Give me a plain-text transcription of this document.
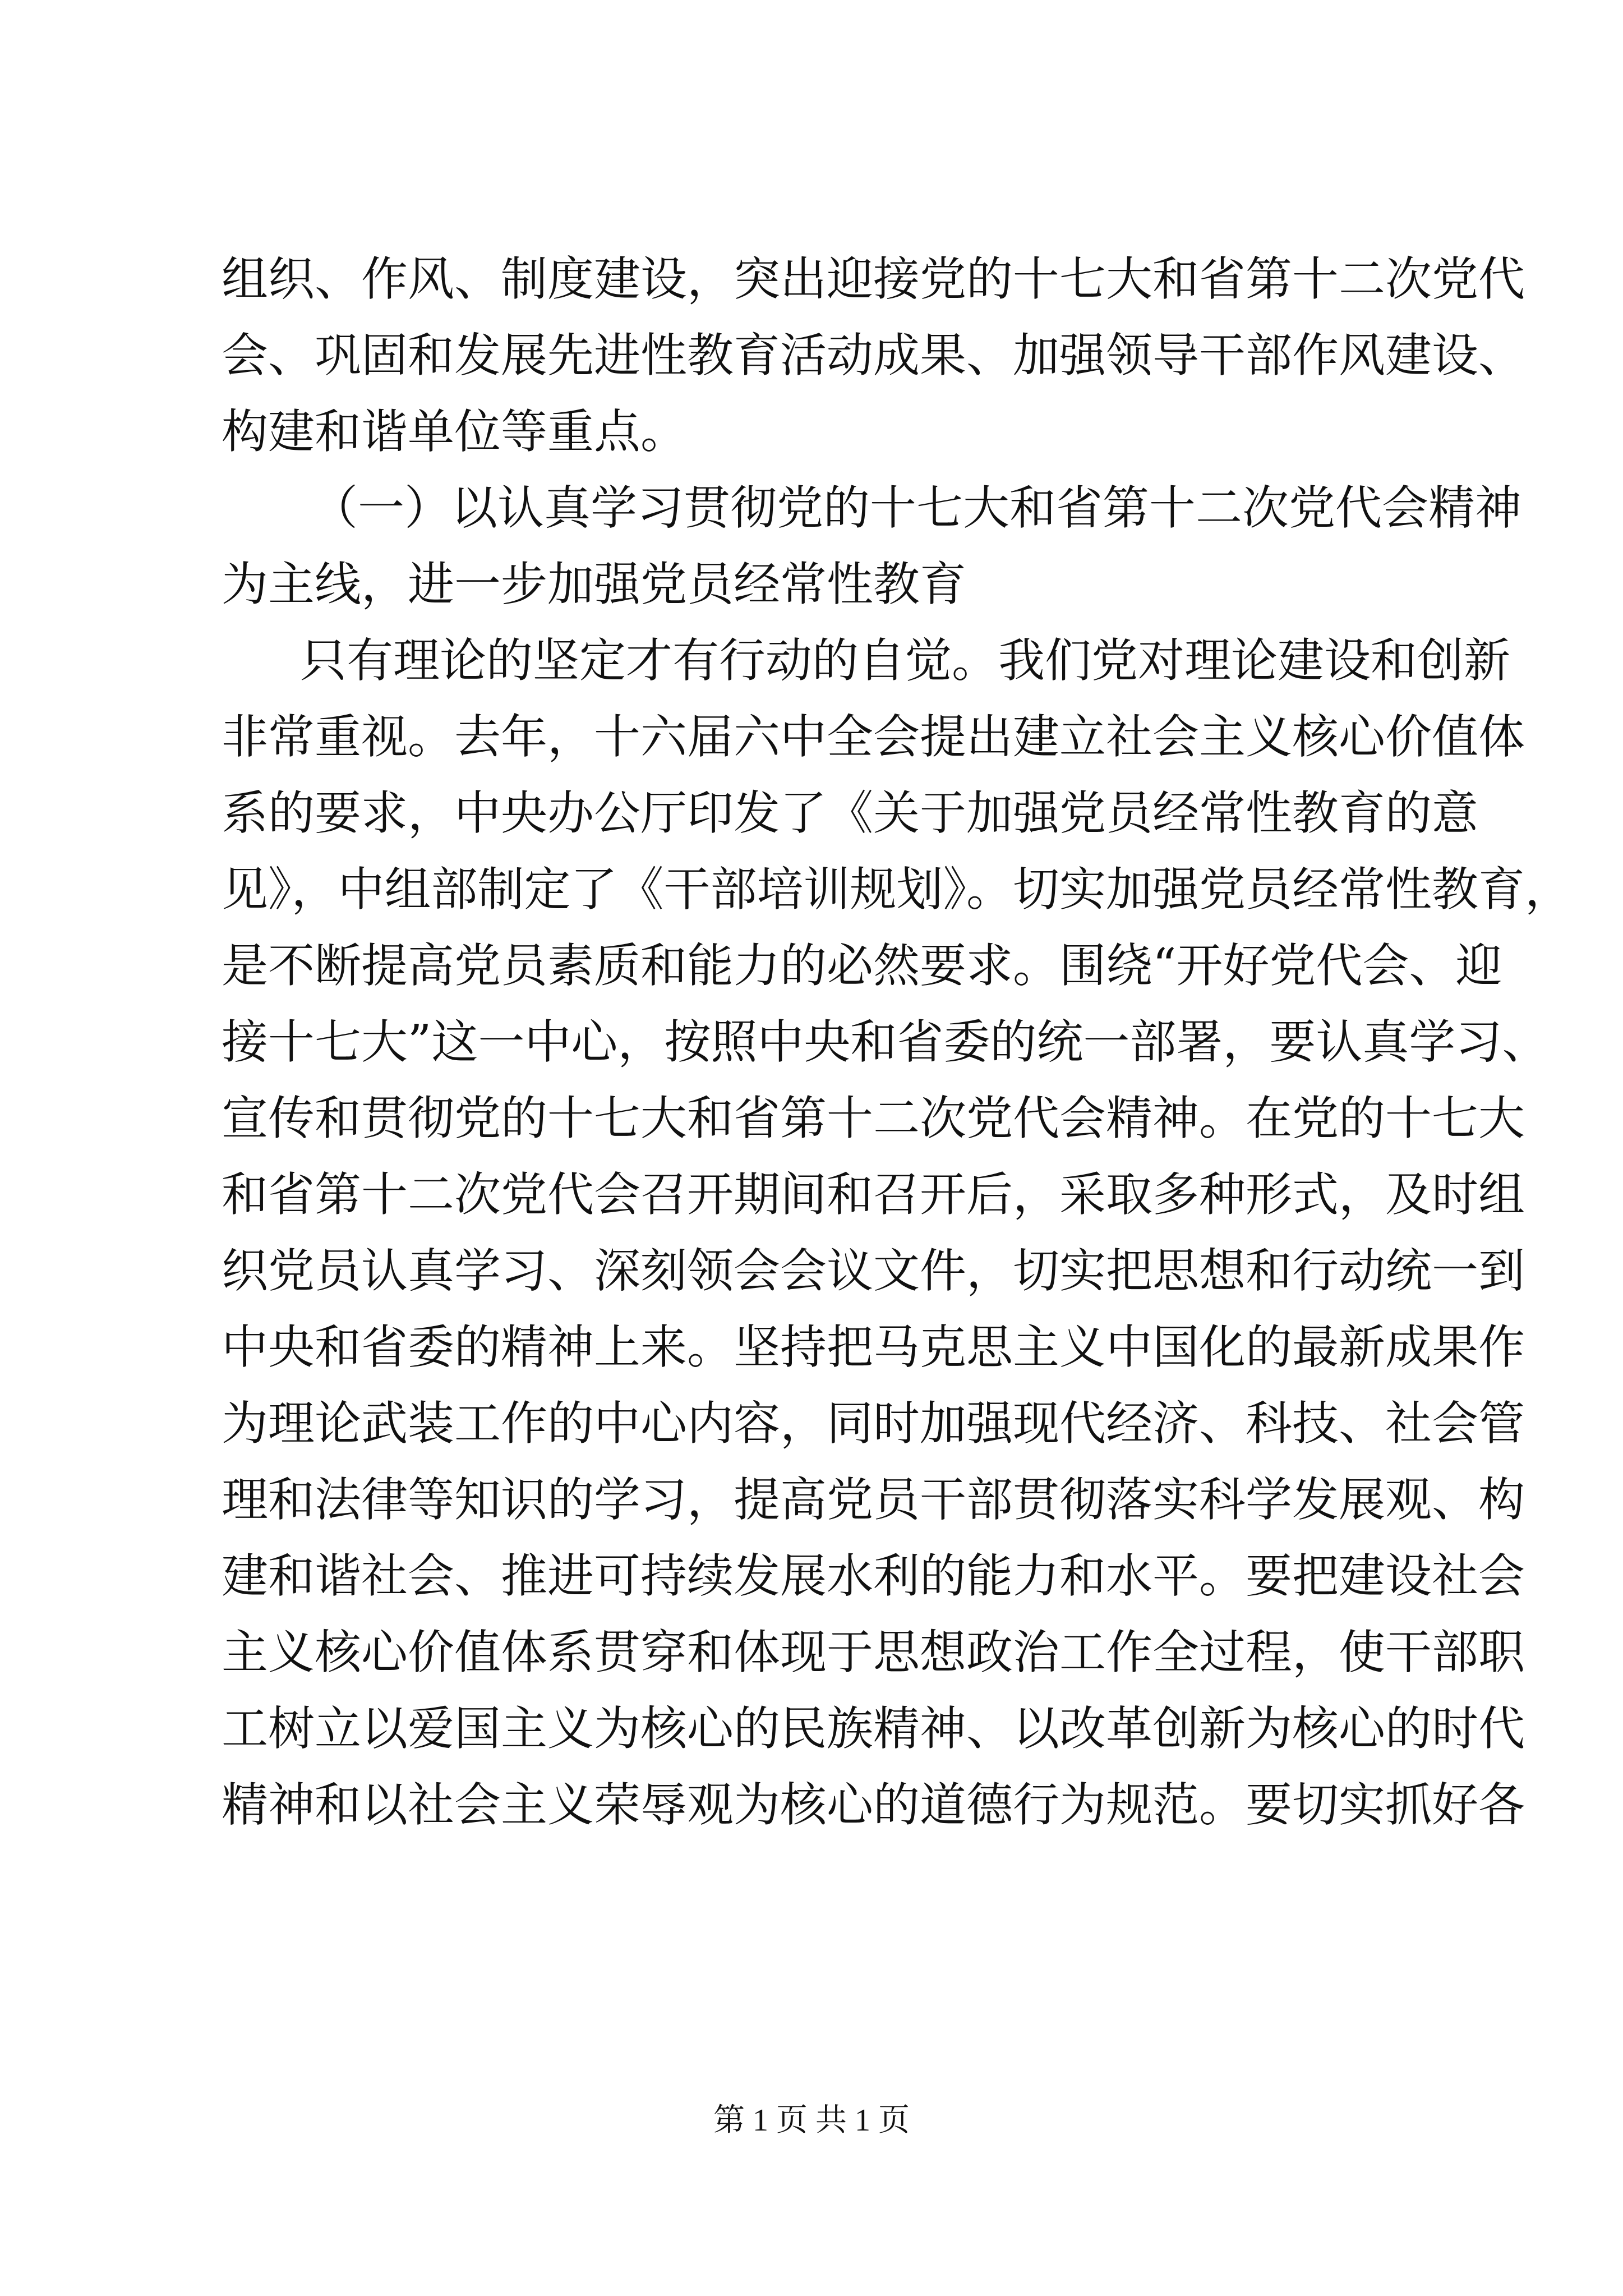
组织、作风、制度建设，突出迎接党的十七大和省第十二次党代
会、巩固和发展先进性教育活动成果、加强领导干部作风建设、
构建和谐单位等重点。
（一）以认真学习贯彻党的十七大和省第十二次党代会精神
为主线，进一步加强党员经常性教育
只有理论的坚定才有行动的自觉。我们党对理论建设和创新
非常重视。去年，十六届六中全会提出建立社会主义核心价值体
系的要求，中央办公厅印发了《关于加强党员经常性教育的意
见》，中组部制定了《干部培训规划》。切实加强党员经常性教育，
是不断提高党员素质和能力的必然要求。围绕“开好党代会、迎
接十七大”这一中心，按照中央和省委的统一部署，要认真学习、
宣传和贯彻党的十七大和省第十二次党代会精神。在党的十七大
和省第十二次党代会召开期间和召开后，采取多种形式，及时组
织党员认真学习、深刻领会会议文件，切实把思想和行动统一到
中央和省委的精神上来。坚持把马克思主义中国化的最新成果作
为理论武装工作的中心内容，同时加强现代经济、科技、社会管
理和法律等知识的学习，提高党员干部贯彻落实科学发展观、构
建和谐社会、推进可持续发展水利的能力和水平。要把建设社会
主义核心价值体系贯穿和体现于思想政治工作全过程，使干部职
工树立以爱国主义为核心的民族精神、以改革创新为核心的时代
精神和以社会主义荣辱观为核心的道德行为规范。要切实抓好各
第 1 页 共 1 页
